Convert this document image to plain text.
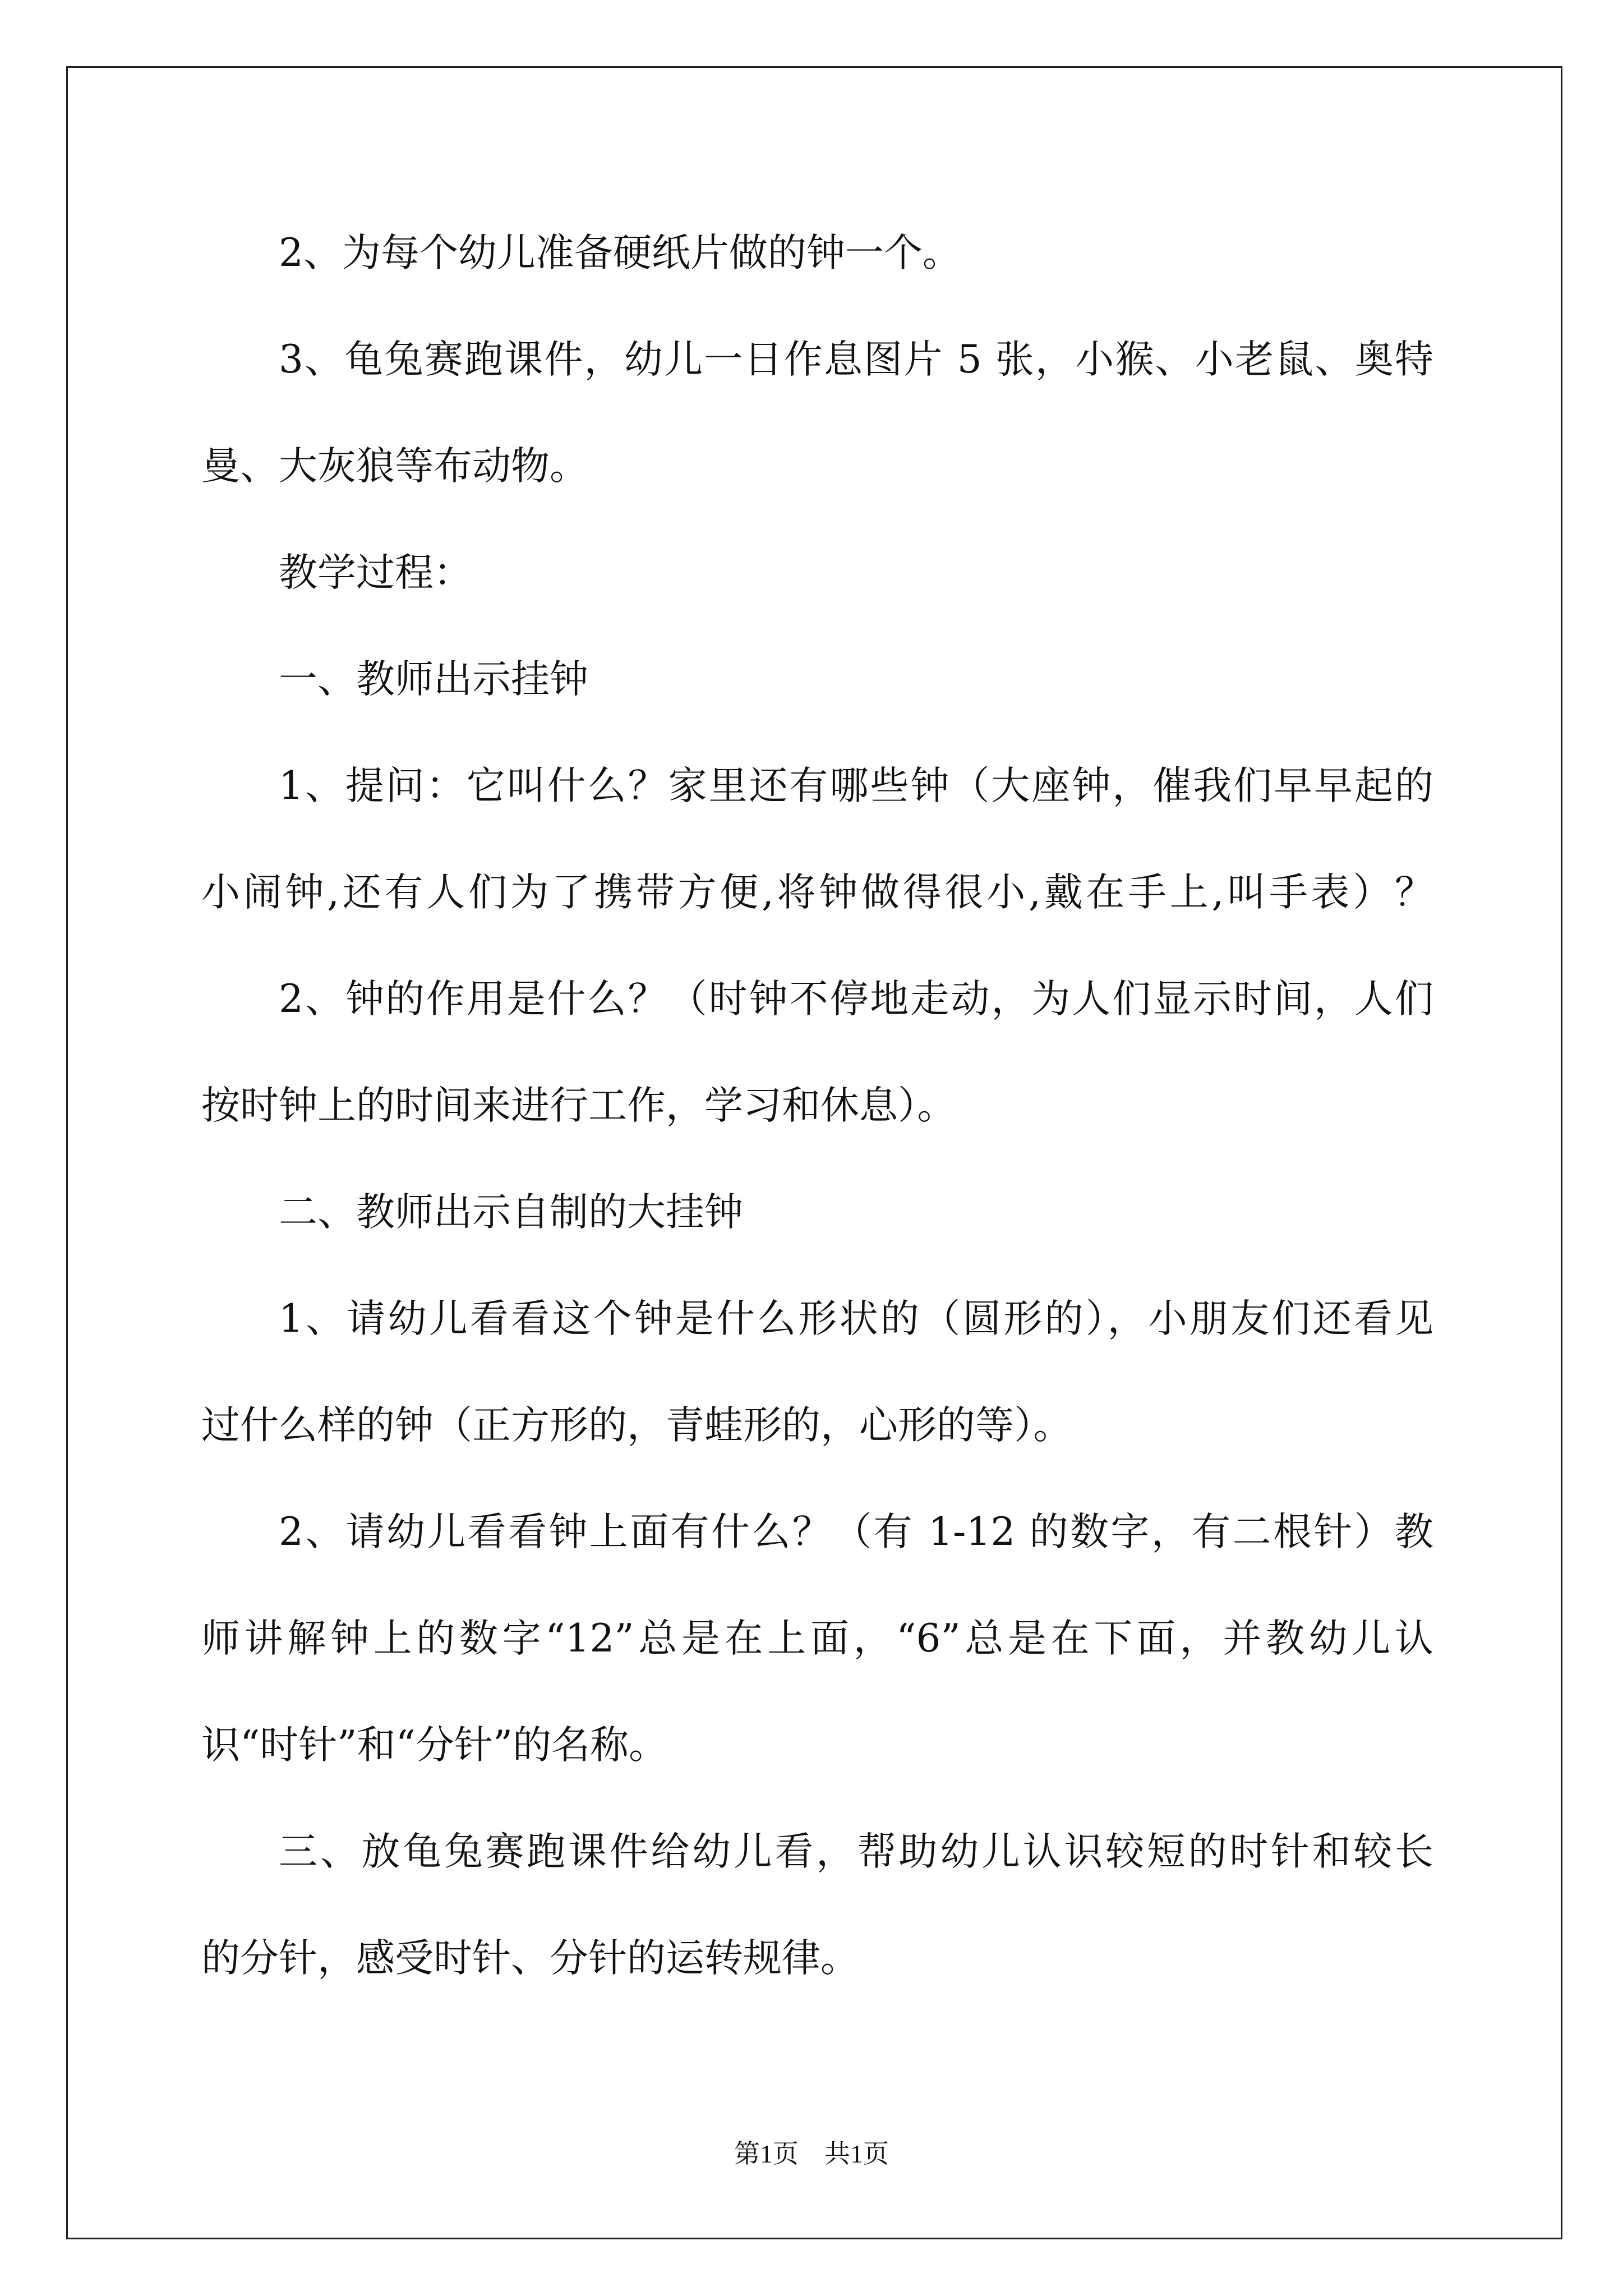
2、为每个幼儿准备硬纸片做的钟一个。
3、龟兔赛跑课件，幼儿一日作息图片 5 张，小猴、小老鼠、奥特
曼、大灰狼等布动物。
教学过程：
一、教师出示挂钟
1、提问：它叫什么？家里还有哪些钟（大座钟，催我们早早起的
小闹钟,还有人们为了携带方便,将钟做得很小,戴在手上,叫手表）？
2、钟的作用是什么？（时钟不停地走动，为人们显示时间，人们
按时钟上的时间来进行工作，学习和休息）。
二、教师出示自制的大挂钟
1、请幼儿看看这个钟是什么形状的（圆形的），小朋友们还看见
过什么样的钟（正方形的，青蛙形的，心形的等）。
2、请幼儿看看钟上面有什么？（有 1-12 的数字，有二根针）教
师讲解钟上的数字“12”总是在上面，“6”总是在下面，并教幼儿认
识“时针”和“分针”的名称。
三、放龟兔赛跑课件给幼儿看，帮助幼儿认识较短的时针和较长
的分针，感受时针、分针的运转规律。
第1页　共1页
